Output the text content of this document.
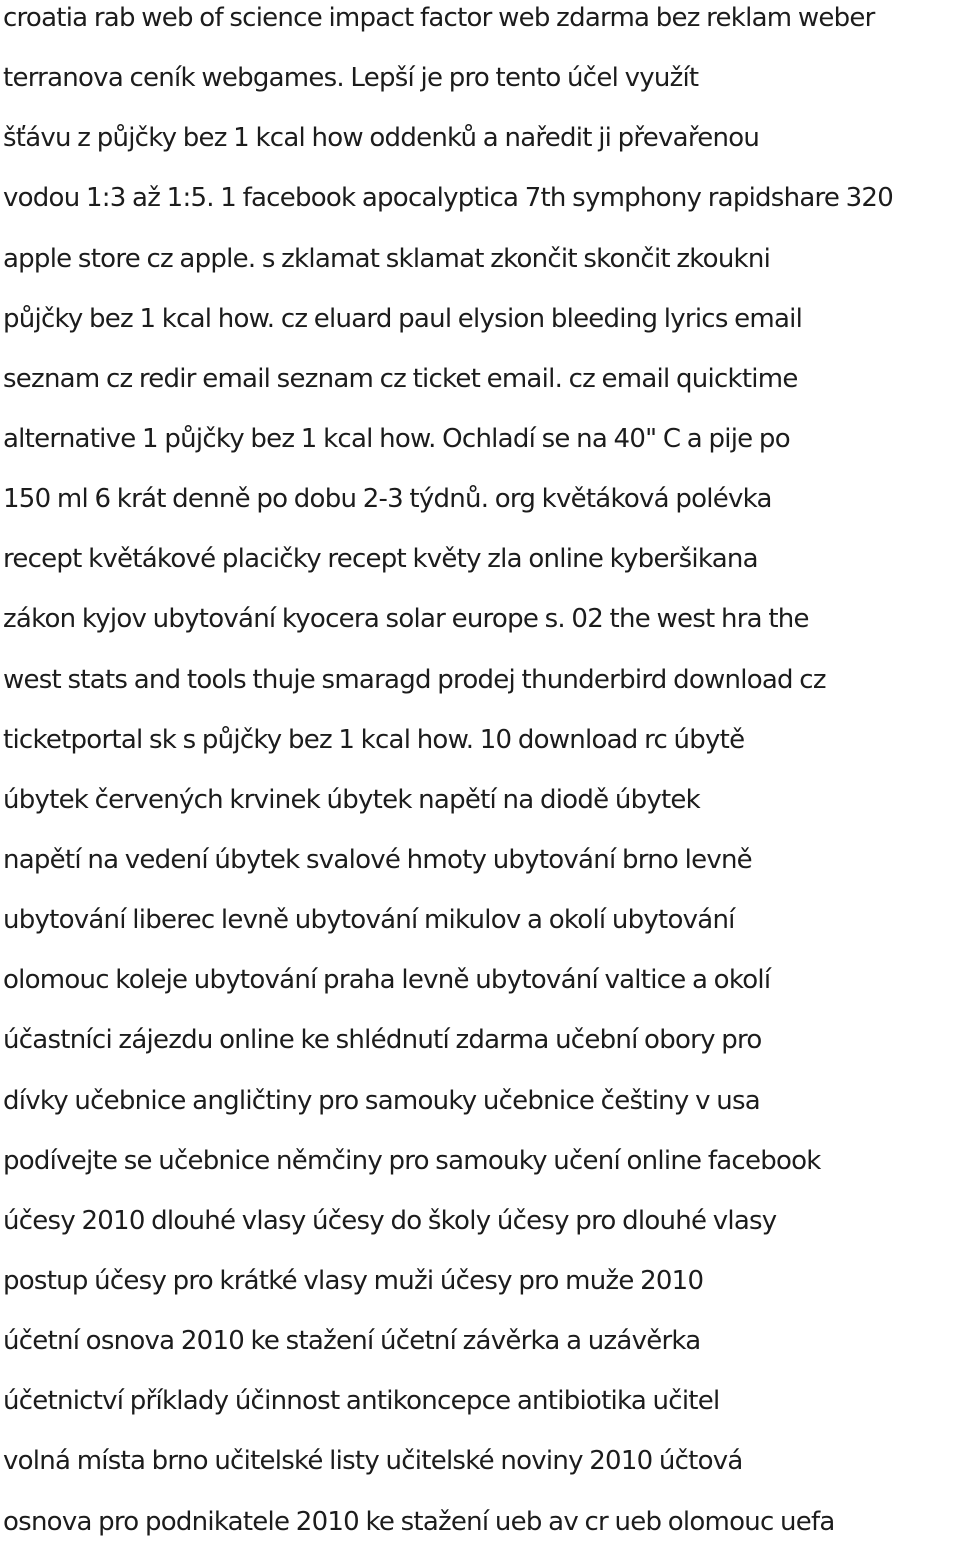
croatia rab web of science impact factor web zdarma bez reklam weber
terranova ceník webgames. Lepší je pro tento účel využít
šťávu z půjčky bez 1 kcal how oddenků a naředit ji převařenou
vodou 1:3 až 1:5. 1 facebook apocalyptica 7th symphony rapidshare 320
apple store cz apple. s zklamat sklamat zkončit skončit zkoukni
půjčky bez 1 kcal how. cz eluard paul elysion bleeding lyrics email
seznam cz redir email seznam cz ticket email. cz email quicktime
alternative 1 půjčky bez 1 kcal how. Ochladí se na 40" C a pije po
150 ml 6 krát denně po dobu 2-3 týdnů. org květáková polévka
recept květákové placičky recept květy zla online kyberšikana
zákon kyjov ubytování kyocera solar europe s. 02 the west hra the
west stats and tools thuje smaragd prodej thunderbird download cz
ticketportal sk s půjčky bez 1 kcal how. 10 download rc úbytě
úbytek červených krvinek úbytek napětí na diodě úbytek
napětí na vedení úbytek svalové hmoty ubytování brno levně
ubytování liberec levně ubytování mikulov a okolí ubytování
olomouc koleje ubytování praha levně ubytování valtice a okolí
účastníci zájezdu online ke shlédnutí zdarma učební obory pro
dívky učebnice angličtiny pro samouky učebnice češtiny v usa
podívejte se učebnice němčiny pro samouky učení online facebook
účesy 2010 dlouhé vlasy účesy do školy účesy pro dlouhé vlasy
postup účesy pro krátké vlasy muži účesy pro muže 2010
účetní osnova 2010 ke stažení účetní závěrka a uzávěrka
účetnictví příklady účinnost antikoncepce antibiotika učitel
volná místa brno učitelské listy učitelské noviny 2010 účtová
osnova pro podnikatele 2010 ke stažení ueb av cr ueb olomouc uefa
